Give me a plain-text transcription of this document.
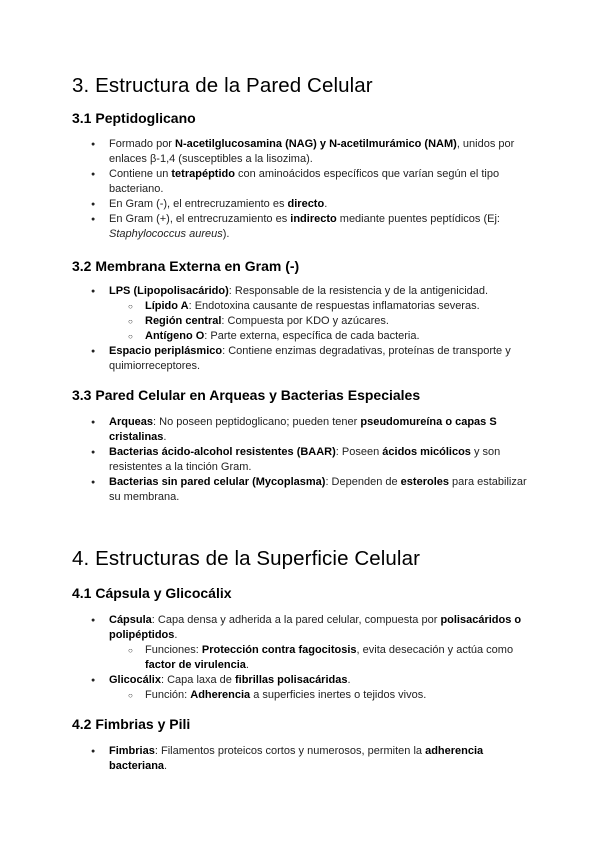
3. Estructura de la Pared Celular
3.1 Peptidoglicano
● Formado por N-acetilglucosamina (NAG) y N-acetilmurámico (NAM), unidos por enlaces β-1,4 (susceptibles a la lisozima).
● Contiene un tetrapéptido con aminoácidos específicos que varían según el tipo bacteriano.
● En Gram (-), el entrecruzamiento es directo.
● En Gram (+), el entrecruzamiento es indirecto mediante puentes peptídicos (Ej: Staphylococcus aureus).
3.2 Membrana Externa en Gram (-)
● LPS (Lipopolisacárido): Responsable de la resistencia y de la antigenicidad.
○ Lípido A: Endotoxina causante de respuestas inflamatorias severas.
○ Región central: Compuesta por KDO y azúcares.
○ Antígeno O: Parte externa, específica de cada bacteria.
● Espacio periplásmico: Contiene enzimas degradativas, proteínas de transporte y quimiorreceptores.
3.3 Pared Celular en Arqueas y Bacterias Especiales
● Arqueas: No poseen peptidoglicano; pueden tener pseudomureína o capas S cristalinas.
● Bacterias ácido-alcohol resistentes (BAAR): Poseen ácidos micólicos y son resistentes a la tinción Gram.
● Bacterias sin pared celular (Mycoplasma): Dependen de esteroles para estabilizar su membrana.
4. Estructuras de la Superficie Celular
4.1 Cápsula y Glicocálix
● Cápsula: Capa densa y adherida a la pared celular, compuesta por polisacáridos o polipéptidos.
○ Funciones: Protección contra fagocitosis, evita desecación y actúa como factor de virulencia.
● Glicocálix: Capa laxa de fibrillas polisacáridas.
○ Función: Adherencia a superficies inertes o tejidos vivos.
4.2 Fimbrias y Pili
● Fimbrias: Filamentos proteicos cortos y numerosos, permiten la adherencia bacteriana.
